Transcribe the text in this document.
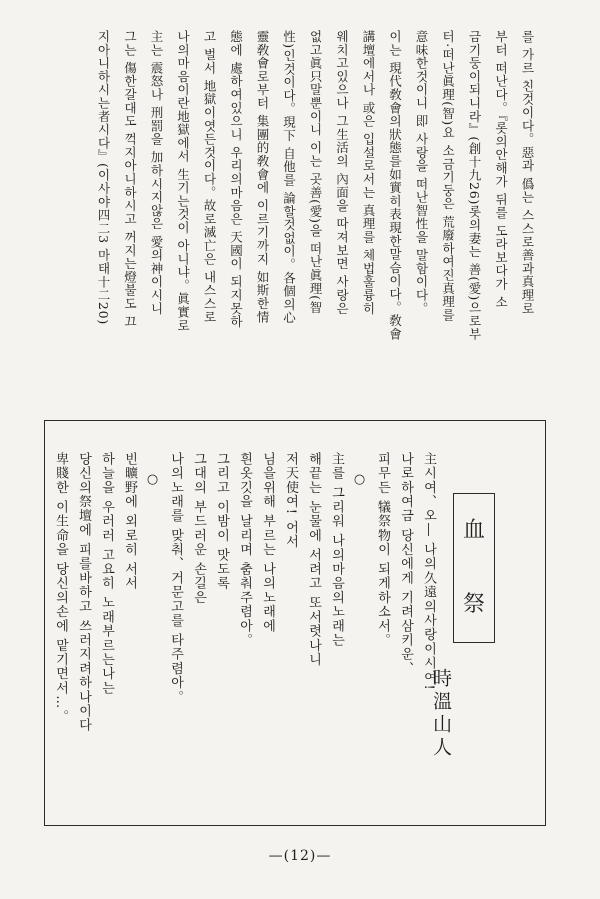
를 가르 친것이다。惡과 僞는 스스로善과真理로
부터 떠난다。『롯의안해가 뒤를 도라보다가 소
금기둥이되니라』(創十九26)롯의妻는 善(愛)으로부
터·떠난眞理(智)요 소금기둥은 荒廢하여진真理를
意味한것이니 即 사랑을 떠난智性을 말함이다。
이는 現代敎會의狀態를如實히表現한말슴이다。敎會
講壇에서나 或은 입설로서는 真理를 체법훌륭히
웨치고있으나 그生活의 內面을 따져보면 사랑은
없고眞只말뿐이니 이는 곳善(愛)을 떠난眞理(智
性)인것이다。現下 自他를 論할것없이。各個의心
靈敎會로부터 集團的敎會에 이르기까지 如斯한情
態에 處하여있으니 우리의마음은 天國이 되지못하
고 벌서 地獄이엿든것이다。故로滅亡은 내스스로
나의마음이란地獄에서 生기는것이 아니냐。眞實로
主는 震怒나 刑罰을 加하시지않은 愛의神이시니
그는 傷한갈대도 꺽지아니하시고 꺼지는燈불도 끄
지아니하시는者시다』(이사야四二3 마태十二20)
血
祭
時溫山人
主시여、오― 나의久遠의사랑이시여!
나로하여금 당신에게 기려삼키운、
피무든 犠祭物이 되게하소서。
○
主를 그리워 나의마음의노래는
해끝는 눈물에 서려고 또서렷나니
저天使여! 어서
님을위해 부르는 나의노래에
흰옷깃을 날리며 춤춰주렴아。
그리고 이밤이 맛도록
그대의 부드러운 손길은
나의노래를 맞춰、거문고를 타주렴아。
○
빈曠野에 외로히 서서
하늘을 우러러 고요히 노래부르는나는
당신의祭壇에 피를바하고 쓰러지려하나이다
卑賤한 이生命을 당신의손에 맡기면서…。
—(12)—
